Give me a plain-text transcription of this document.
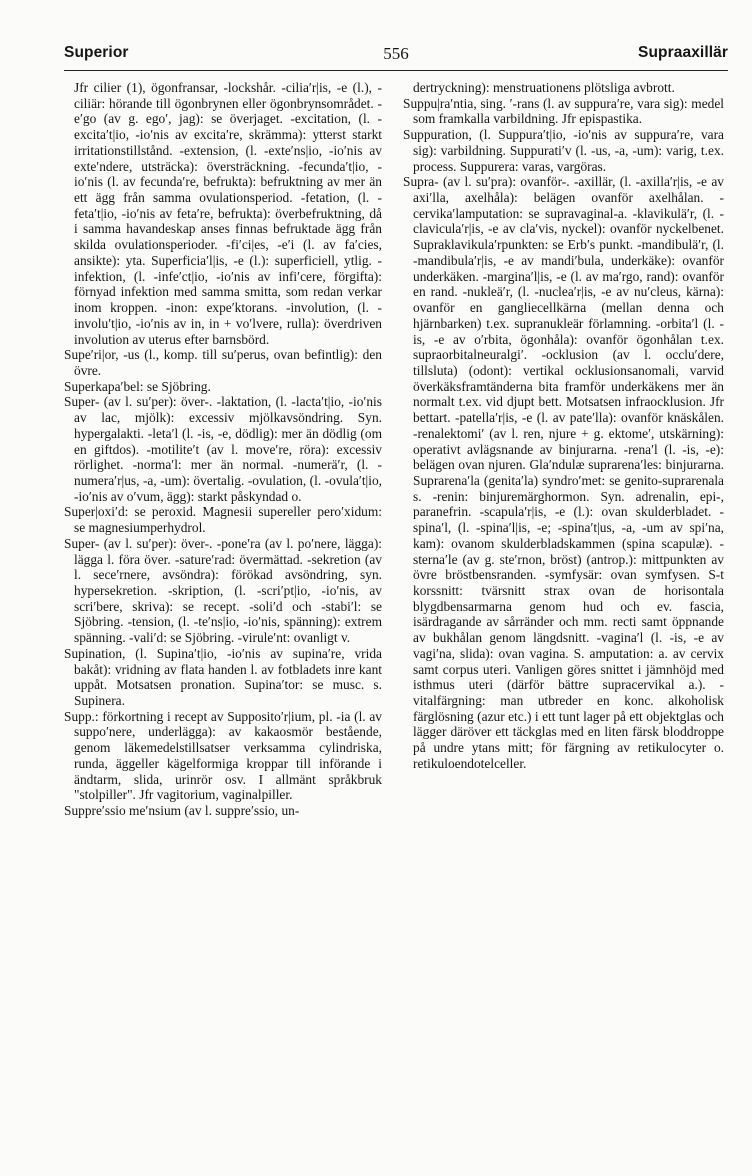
Superior	556	Supraaxillär

Jfr cilier (1), ögonfransar, -lockshår. -cilia′r|is, -e (l.), -ciliär: hörande till ögonbrynen eller ögonbrynsområdet. -e′go (av g. ego′, jag): se överjaget. -excitation, (l. -excita′t|io, -io′nis av excita′re, skrämma): ytterst starkt irritationstillstånd. -extension, (l. -exte′ns|io, -io′nis av exte′ndere, utsträcka): översträckning. -fecunda′t|io, -io′nis (l. av fecunda′re, befrukta): befruktning av mer än ett ägg från samma ovulationsperiod. -fetation, (l. -feta′t|io, -io′nis av feta′re, befrukta): överbefruktning, då i samma havandeskap anses finnas befruktade ägg från skilda ovulationsperioder. -fi′ci|es, -e′i (l. av fa′cies, ansikte): yta. Superficia′l|is, -e (l.): superficiell, ytlig. -infektion, (l. -infe′ct|io, -io′nis av infi′cere, förgifta): förnyad infektion med samma smitta, som redan verkar inom kroppen. -inon: expe′ktorans. -involution, (l. -involu′t|io, -io′nis av in, in + vo′lvere, rulla): överdriven involution av uterus efter barnsbörd.

Supe′ri|or, -us (l., komp. till su′perus, ovan befintlig): den övre.

Superkapa′bel: se Sjöbring.

Super- (av l. su′per): över-. -laktation, (l. -lacta′t|io, -io′nis av lac, mjölk): excessiv mjölkavsöndring. Syn. hypergalakti. -leta′l (l. -is, -e, dödlig): mer än dödlig (om en giftdos). -motilite′t (av l. move′re, röra): excessiv rörlighet. -norma′l: mer än normal. -numerä′r, (l. -numera′r|us, -a, -um): övertalig. -ovulation, (l. -ovula′t|io, -io′nis av o′vum, ägg): starkt påskyndad o.

Super|oxi′d: se peroxid. Magnesii supereller pero′xidum: se magnesiumperhydrol.

Super- (av l. su′per): över-. -pone′ra (av l. po′nere, lägga): lägga l. föra över. -sature′rad: övermättad. -sekretion (av l. sece′rnere, avsöndra): förökad avsöndring, syn. hypersekretion. -skription, (l. -scri′pt|io, -io′nis, av scri′bere, skriva): se recept. -soli′d och -stabi′l: se Sjöbring. -tension, (l. -te′ns|io, -io′nis, spänning): extrem spänning. -vali′d: se Sjöbring. -virule′nt: ovanligt v.

Supination, (l. Supina′t|io, -io′nis av supina′re, vrida bakåt): vridning av flata handen l. av fotbladets inre kant uppåt. Motsatsen pronation. Supina′tor: se musc. s. Supinera.

Supp.: förkortning i recept av Supposito′r|ium, pl. -ia (l. av suppo′nere, underlägga): av kakaosmör bestående, genom läkemedelstillsatser verksamma cylindriska, runda, äggeller kägelformiga kroppar till införande i ändtarm, slida, urinrör osv. I allmänt språkbruk "stolpiller". Jfr vagitorium, vaginalpiller.

Suppre′ssio me′nsium (av l. suppre′ssio, un-

dertryckning): menstruationens plötsliga avbrott.

Suppu|ra′ntia, sing. ′-rans (l. av suppura′re, vara sig): medel som framkalla varbildning. Jfr epispastika.

Suppuration, (l. Suppura′t|io, -io′nis av suppura′re, vara sig): varbildning. Suppurati′v (l. -us, -a, -um): varig, t.ex. process. Suppurera: varas, vargöras.

Supra- (av l. su′pra): ovanför-. -axillär, (l. -axilla′r|is, -e av axi′lla, axelhåla): belägen ovanför axelhålan. -cervika′lamputation: se supravaginal-a. -klavikulä′r, (l. -clavicula′r|is, -e av cla′vis, nyckel): ovanför nyckelbenet. Supraklavikula′rpunkten: se Erb′s punkt. -mandibulä′r, (l. -mandibula′r|is, -e av mandi′bula, underkäke): ovanför underkäken. -margina′l|is, -e (l. av ma′rgo, rand): ovanför en rand. -nukleä′r, (l. -nuclea′r|is, -e av nu′cleus, kärna): ovanför en gangliecellkärna (mellan denna och hjärnbarken) t.ex. supranukleär förlamning. -orbita′l (l. -is, -e av o′rbita, ögonhåla): ovanför ögonhålan t.ex. supraorbitalneuralgi′. -ocklusion (av l. occlu′dere, tillsluta) (odont): vertikal ocklusionsanomali, varvid överkäksframtänderna bita framför underkäkens mer än normalt t.ex. vid djupt bett. Motsatsen infraocklusion. Jfr bettart. -patella′r|is, -e (l. av pate′lla): ovanför knäskålen. -renalektomi′ (av l. ren, njure + g. ektome′, utskärning): operativt avlägsnande av binjurarna. -rena′l (l. -is, -e): belägen ovan njuren. Gla′ndulæ suprarena′les: binjurarna. Suprarena′la (genita′la) syndro′met: se genito-suprarenala s. -renin: binjuremärghormon. Syn. adrenalin, epi-, paranefrin. -scapula′r|is, -e (l.): ovan skulderbladet. -spina′l, (l. -spina′l|is, -e; -spina′t|us, -a, -um av spi′na, kam): ovanom skulderbladskammen (spina scapulæ). -sterna′le (av g. ste′rnon, bröst) (antrop.): mittpunkten av övre bröstbensranden. -symfysär: ovan symfysen. S-t korssnitt: tvärsnitt strax ovan de horisontala blygdbensarmarna genom hud och ev. fascia, isärdragande av sårränder och mm. recti samt öppnande av bukhålan genom längdsnitt. -vagina′l (l. -is, -e av vagi′na, slida): ovan vagina. S. amputation: a. av cervix samt corpus uteri. Vanligen göres snittet i jämnhöjd med isthmus uteri (därför bättre supracervikal a.). -vitalfärgning: man utbreder en konc. alkoholisk färglösning (azur etc.) i ett tunt lager på ett objektglas och lägger däröver ett täckglas med en liten färsk bloddroppe på undre ytans mitt; för färgning av retikulocyter o. retikuloendotelceller.
